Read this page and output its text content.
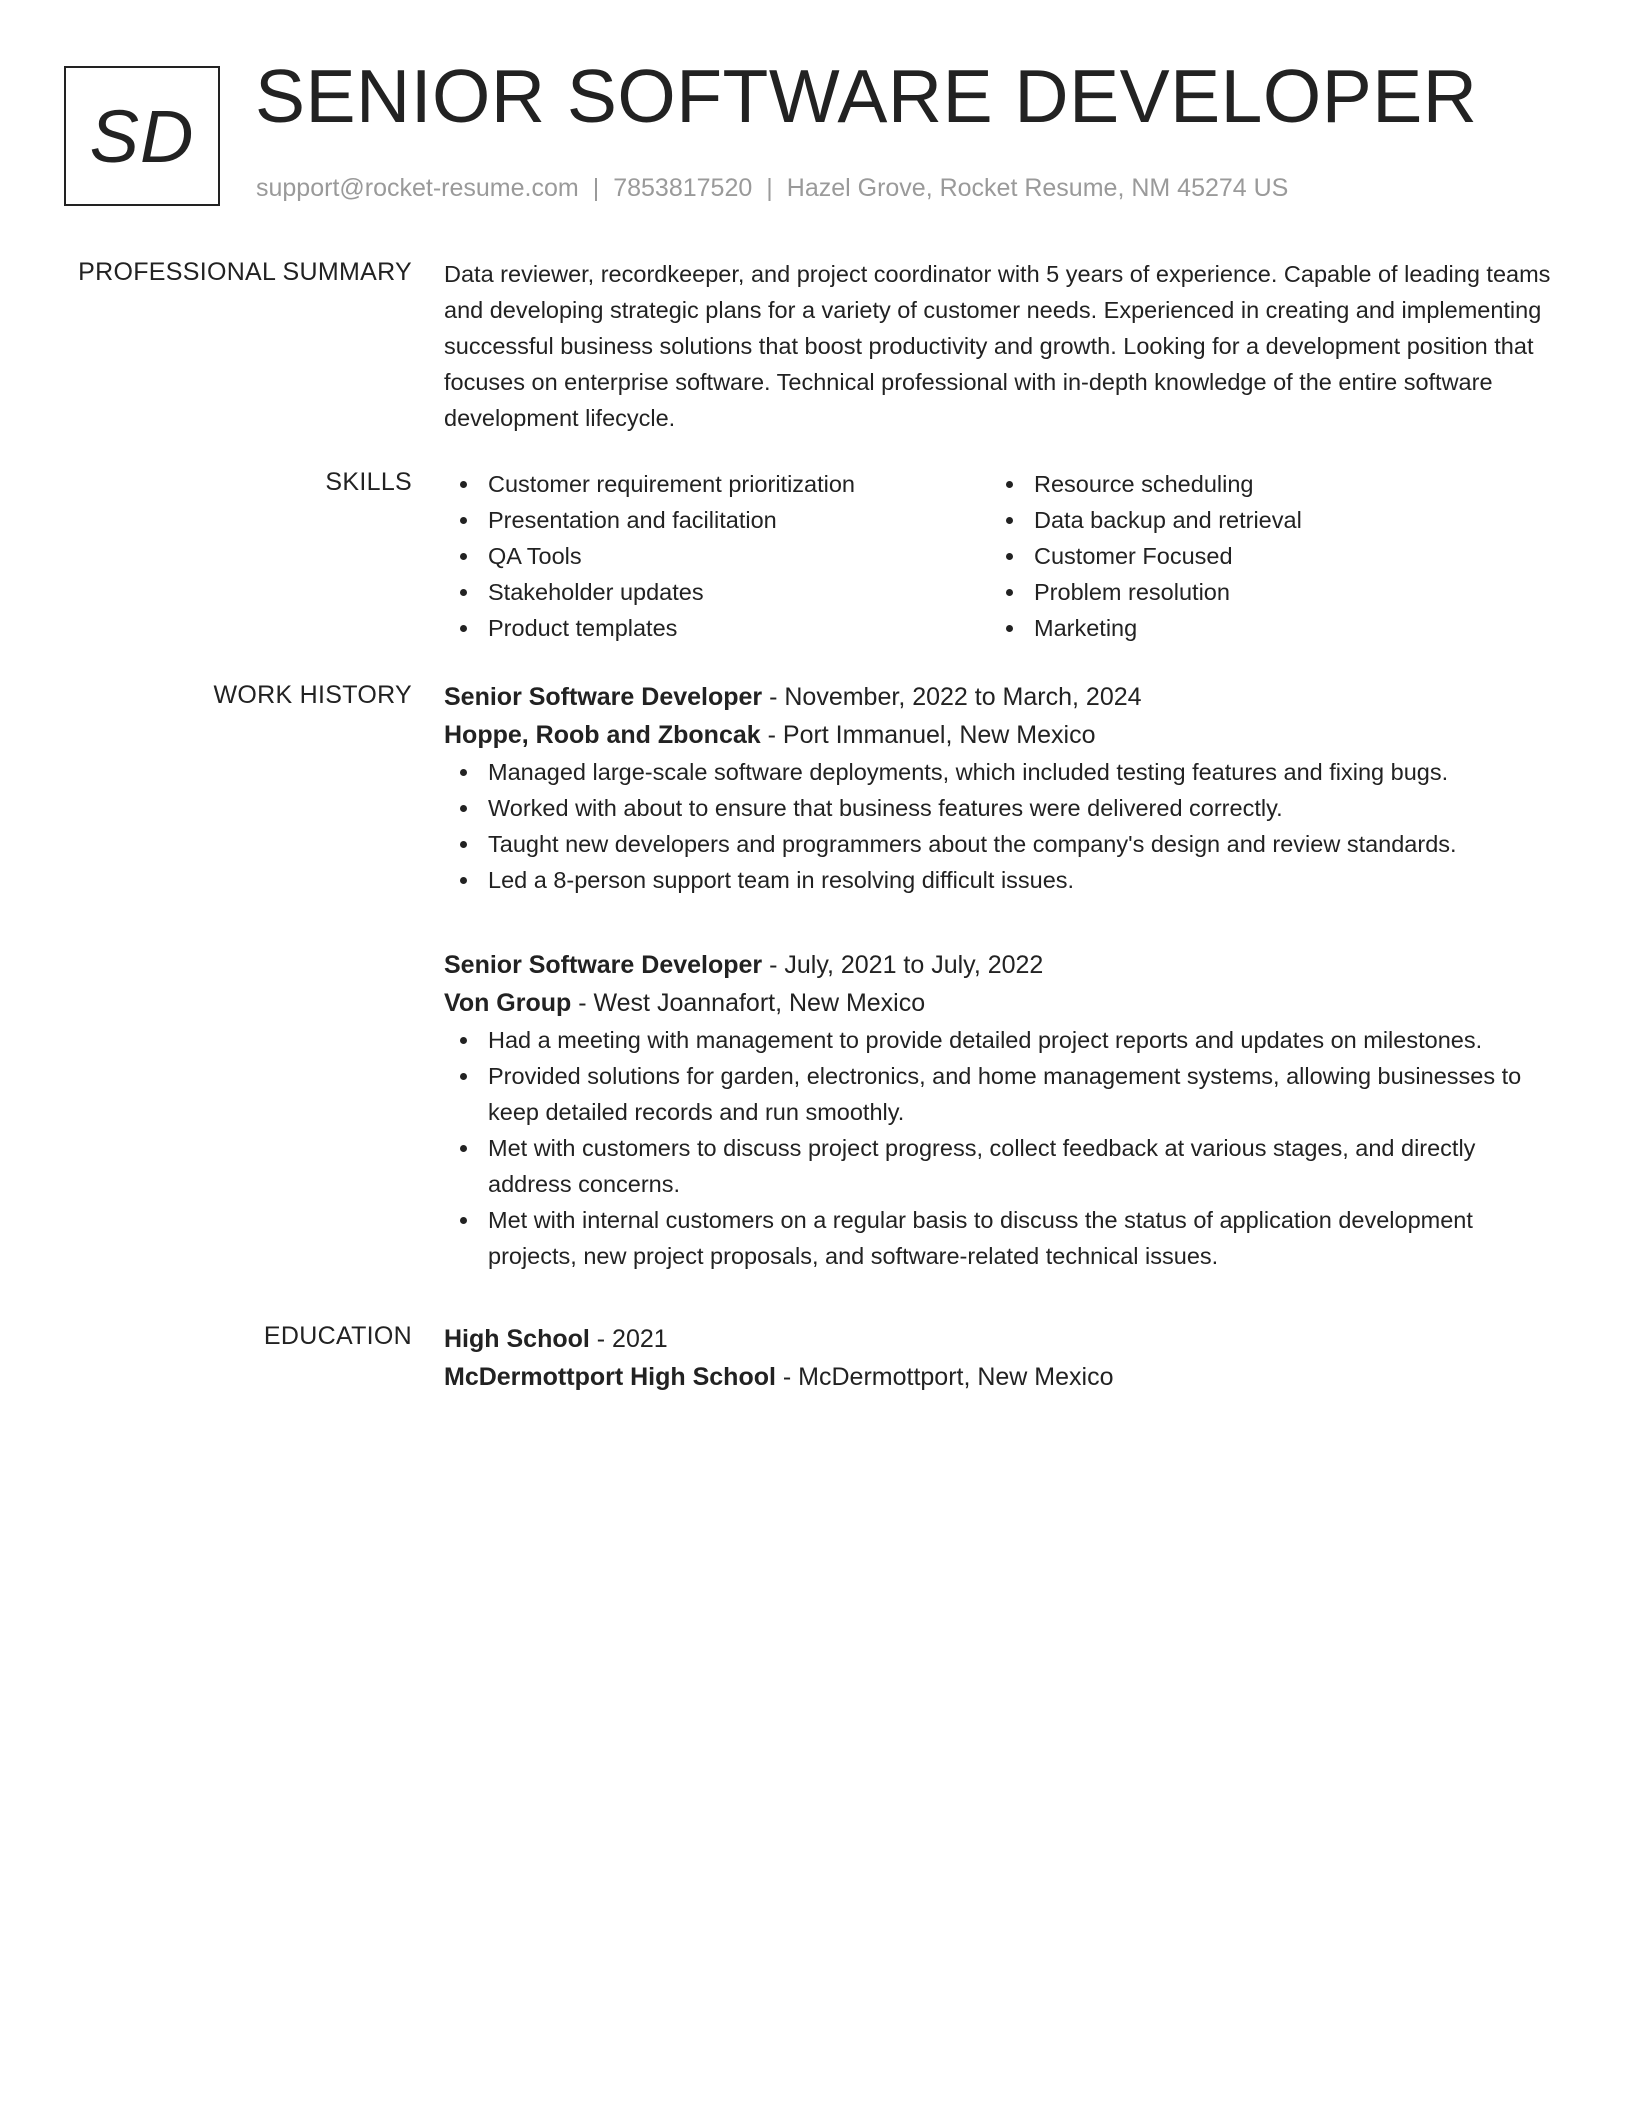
SD SENIOR SOFTWARE DEVELOPER
support@rocket-resume.com | 7853817520 | Hazel Grove, Rocket Resume, NM 45274 US
PROFESSIONAL SUMMARY Data reviewer, recordkeeper, and project coordinator with 5 years of experience. Capable of leading teams and developing strategic plans for a variety of customer needs. Experienced in creating and implementing successful business solutions that boost productivity and growth. Looking for a development position that focuses on enterprise software. Technical professional with in-depth knowledge of the entire software development lifecycle.

SKILLS	Customer requirement prioritization
Presentation and facilitation
QA Tools
Stakeholder updates
Product templates
Resource scheduling
Data backup and retrieval
Customer Focused
Problem resolution
Marketing
WORK HISTORY Senior Software Developer - November, 2022 to March, 2024
Hoppe, Roob and Zboncak - Port Immanuel, New Mexico
Managed large-scale software deployments, which included testing features and fixing bugs.
Worked with about to ensure that business features were delivered correctly.
Taught new developers and programmers about the company's design and review standards.
Led a 8-person support team in resolving difficult issues.
Senior Software Developer - July, 2021 to July, 2022
Von Group - West Joannafort, New Mexico
Had a meeting with management to provide detailed project reports and updates on milestones.
Provided solutions for garden, electronics, and home management systems, allowing businesses to keep detailed records and run smoothly.
Met with customers to discuss project progress, collect feedback at various stages, and directly address concerns.
Met with internal customers on a regular basis to discuss the status of application development projects, new project proposals, and software-related technical issues.
EDUCATION High School - 2021
McDermottport High School - McDermottport, New Mexico
